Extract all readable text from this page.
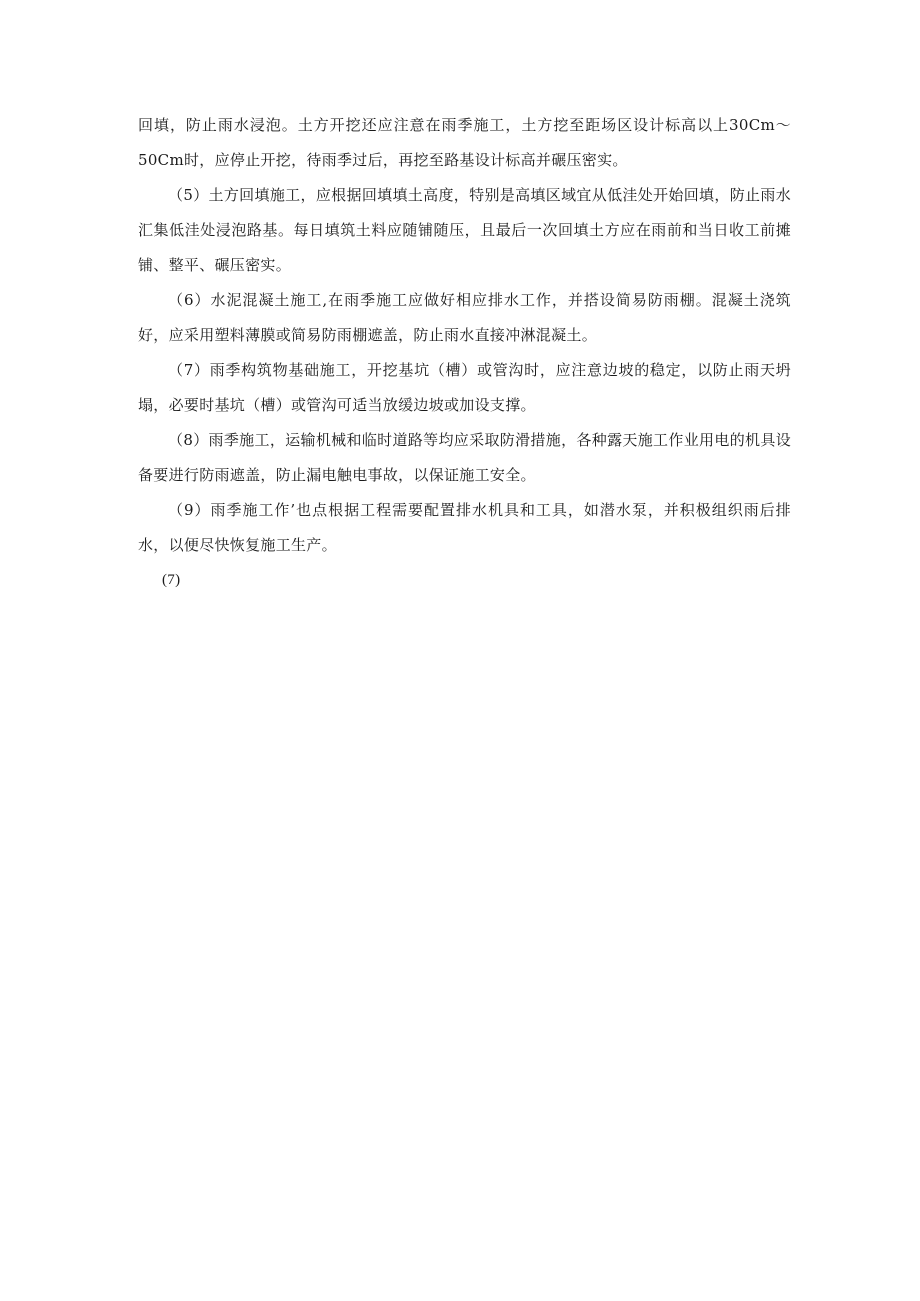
回填，防止雨水浸泡。土方开挖还应注意在雨季施工，土方挖至距场区设计标高以上30Cm～50Cm时，应停止开挖，待雨季过后，再挖至路基设计标高并碾压密实。

（5）土方回填施工，应根据回填填土高度，特别是高填区域宜从低洼处开始回填，防止雨水汇集低洼处浸泡路基。每日填筑土料应随铺随压，且最后一次回填土方应在雨前和当日收工前摊铺、整平、碾压密实。

（6）水泥混凝土施工,在雨季施工应做好相应排水工作，并搭设简易防雨棚。混凝土浇筑好，应采用塑料薄膜或简易防雨棚遮盖，防止雨水直接冲淋混凝土。

（7）雨季构筑物基础施工，开挖基坑（槽）或管沟时，应注意边坡的稳定，以防止雨天坍塌，必要时基坑（槽）或管沟可适当放缓边坡或加设支撑。

（8）雨季施工，运输机械和临时道路等均应采取防滑措施，各种露天施工作业用电的机具设备要进行防雨遮盖，防止漏电触电事故，以保证施工安全。

（9）雨季施工作’也点根据工程需要配置排水机具和工具，如潜水泵，并积极组织雨后排水，以便尽快恢复施工生产。

(7)
